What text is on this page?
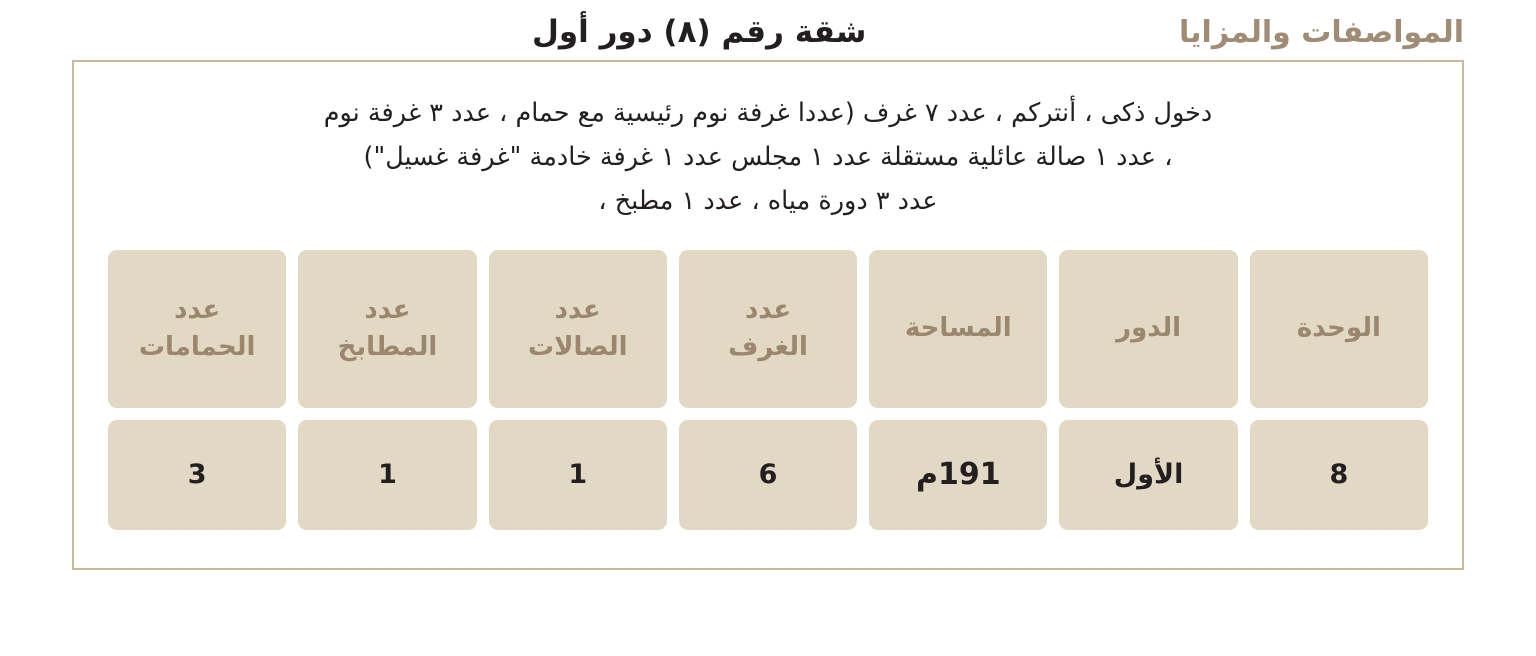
المواصفات والمزايا
شقة رقم (٨) دور أول

دخول ذكى ، أنتركم ، عدد ٧ غرف (عددا غرفة نوم رئيسية مع حمام ، عدد ٣ غرفة نوم
، عدد ١ صالة عائلية مستقلة عدد ١ مجلس عدد ١ غرفة خادمة "غرفة غسيل")
عدد ٣ دورة مياه ، عدد ١ مطبخ ،

الوحدة
الدور
المساحة
عدد
الغرف
عدد
الصالات
عدد
المطابخ
عدد
الحمامات
8
الأول
191م
6
1
1
3
